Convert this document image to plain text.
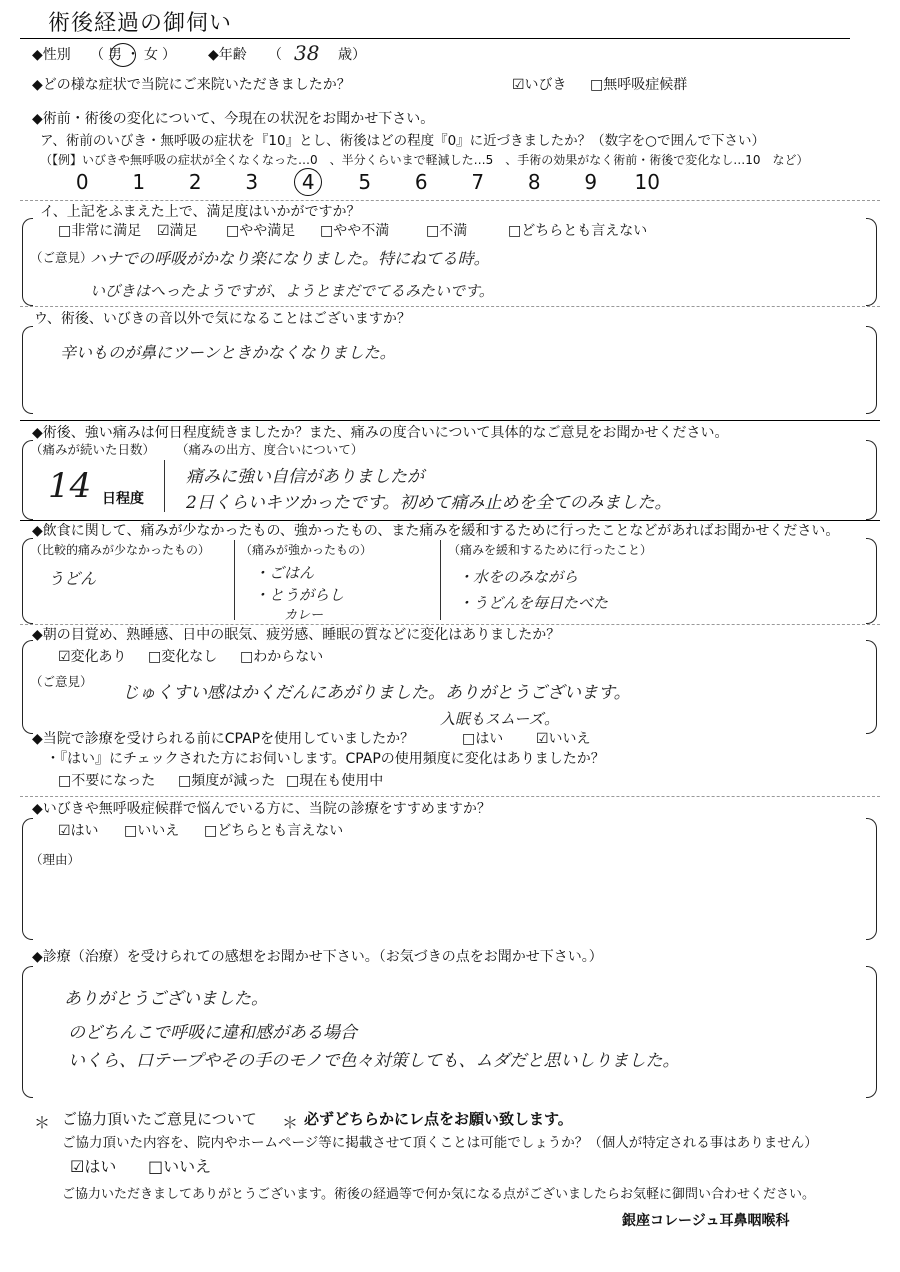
術後経過の御伺い
◆性別 （男・女） ◆年齢 （ 38 歳）
◆どの様な症状で当院にご来院いただきましたか？	☑いびき □無呼吸症候群
◆術前・術後の変化について、今現在の状況をお聞かせ下さい。
ア、術前のいびき・無呼吸の症状を『10』とし、術後はどの程度『0』に近づきましたか？（数字を○で囲んで下さい）
（【例】いびきや無呼吸の症状が全くなくなった…0　、半分くらいまで軽減した…5　、手術の効果がなく術前・術後で変化なし…10　など）
0 1 2 3 4 5 6 7 8 9 10
イ、上記をふまえた上で、満足度はいかがですか？
□非常に満足 ☑満足 □やや満足 □やや不満	□不満	□どちらとも言えない
（ご意見）
ハナでの呼吸がかなり楽になりました。特にねてる時。
いびきはへったようですが、ようとまだでてるみたいです。
ウ、術後、いびきの音以外で気になることはございますか？
辛いものが鼻にツーンときかなくなりました。
◆術後、強い痛みは何日程度続きましたか？また、痛みの度合いについて具体的なご意見をお聞かせください。
（痛みが続いた日数）
14 日程度
（痛みの出方、度合いについて）
痛みに強い自信がありましたが
2日くらいキツかったです。初めて痛み止めを全てのみました。
◆飲食に関して、痛みが少なかったもの、強かったもの、また痛みを緩和するために行ったことなどがあればお聞かせください。
（比較的痛みが少なかったもの）
うどん
（痛みが強かったもの）
・ごはん
・とうがらし
カレー
（痛みを緩和するために行ったこと）
・水をのみながら
・うどんを毎日たべた
◆朝の目覚め、熟睡感、日中の眠気、疲労感、睡眠の質などに変化はありましたか？
☑変化あり □変化なし □わからない
（ご意見）
じゅくすい感はかくだんにあがりました。ありがとうございます。
入眠もスムーズ。
◆当院で診療を受けられる前にCPAPを使用していましたか？	□はい ☑いいえ
・『はい』にチェックされた方にお伺いします。CPAPの使用頻度に変化はありましたか？
□不要になった □頻度が減った □現在も使用中
◆いびきや無呼吸症候群で悩んでいる方に、当院の診療をすすめますか？
☑はい □いいえ □どちらとも言えない
（理由）
◆診療（治療）を受けられての感想をお聞かせ下さい。（お気づきの点をお聞かせ下さい。）
ありがとうございました。
のどちんこで呼吸に違和感がある場合
いくら、口テープやその手のモノで色々対策しても、ムダだと思いしりました。
＊ ご協力頂いたご意見について ＊ 必ずどちらかにレ点をお願い致します。
ご協力頂いた内容を、院内やホームページ等に掲載させて頂くことは可能でしょうか？（個人が特定される事はありません）
☑はい □いいえ
ご協力いただきましてありがとうございます。術後の経過等で何か気になる点がございましたらお気軽に御問い合わせください。
銀座コレージュ耳鼻咽喉科
